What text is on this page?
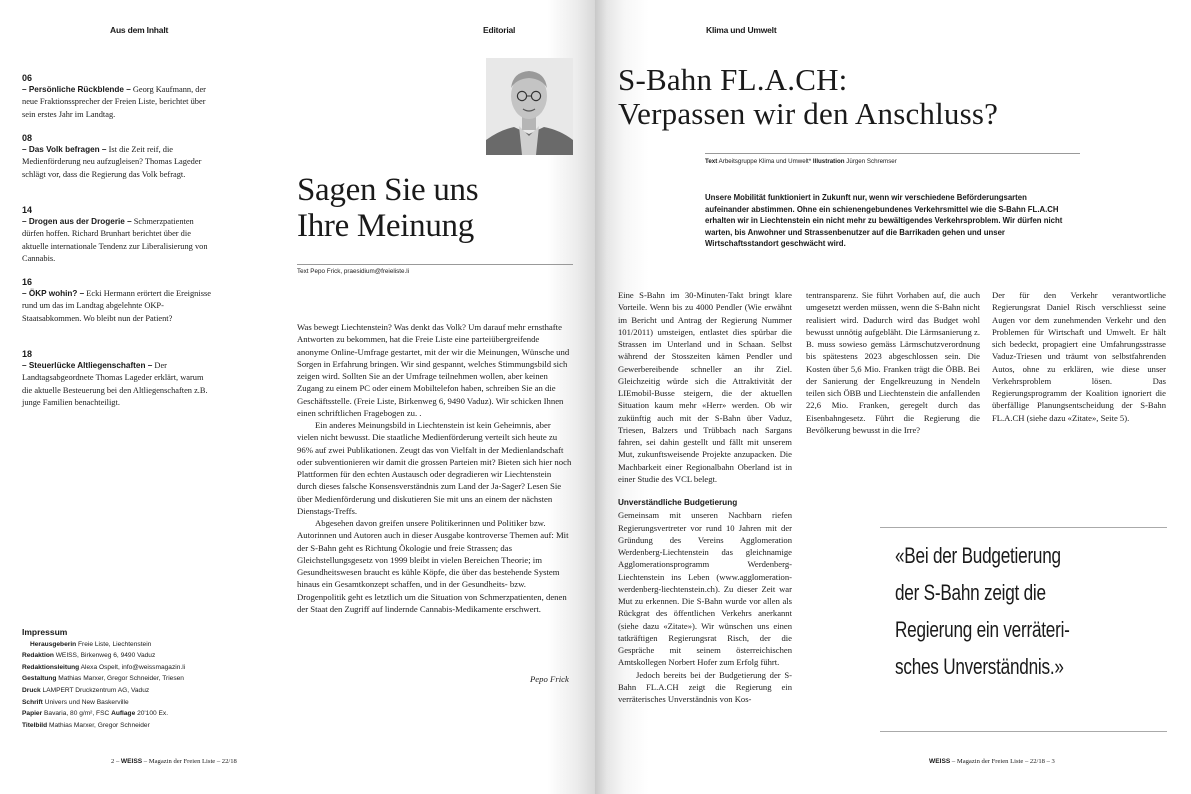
Aus dem Inhalt	Editorial	Klima und Umwelt
06
– Persönliche Rückblende – Georg Kaufmann, der neue Fraktionssprecher der Freien Liste, berichtet über sein erstes Jahr im Landtag.
08
– Das Volk befragen – Ist die Zeit reif, die Medienförderung neu aufzugleisen? Thomas Lageder schlägt vor, dass die Regierung das Volk befragt.
14
– Drogen aus der Drogerie – Schmerzpatienten dürfen hoffen. Richard Brunhart berichtet über die aktuelle internationale Tendenz zur Liberalisierung von Cannabis.
16
– ÖKP wohin? – Ecki Hermann erörtert die Ereignisse rund um das im Landtag abgelehnte OKP-Staatsabkommen. Wo bleibt nun der Patient?
18
– Steuerlücke Altliegenschaften – Der Landtagsabgeordnete Thomas Lageder erklärt, warum die aktuelle Besteuerung bei den Altliegenschaften z.B. junge Familien benachteiligt.
Impressum
Herausgeberin Freie Liste, Liechtenstein
Redaktion WEISS, Birkenweg 6, 9490 Vaduz
Redaktionsleitung Alexa Ospelt, info@weissmagazin.li
Gestaltung Mathias Marxer, Gregor Schneider, Triesen
Druck LAMPERT Druckzentrum AG, Vaduz
Schrift Univers und New Baskerville
Papier Bavaria, 80 g/m², FSC Auflage 20'100 Ex.
Titelbild Mathias Marxer, Gregor Schneider
Sagen Sie uns
Ihre Meinung
Text Pepo Frick, praesidium@freieliste.li

Was bewegt Liechtenstein? Was denkt das Volk? Um darauf mehr ernsthafte Antworten zu bekommen, hat die Freie Liste eine parteiübergreifende anonyme Online-Umfrage gestartet, mit der wir die Meinungen, Wünsche und Sorgen in Erfahrung bringen. Wir sind gespannt, welches Stimmungsbild sich zeigen wird. Sollten Sie an der Umfrage teilnehmen wollen, aber keinen Zugang zu einem PC oder einem Mobiltelefon haben, schreiben Sie an die Geschäftsstelle. (Freie Liste, Birkenweg 6, 9490 Vaduz). Wir schicken Ihnen einen schriftlichen Fragebogen zu. .

Ein anderes Meinungsbild in Liechtenstein ist kein Geheimnis, aber vielen nicht bewusst. Die staatliche Medienförderung verteilt sich heute zu 96% auf zwei Publikationen. Zeugt das von Vielfalt in der Medienlandschaft oder subventionieren wir damit die grossen Parteien mit? Bieten sich hier noch Plattformen für den echten Austausch oder degradieren wir Liechtenstein durch dieses falsche Konsensverständnis zum Land der Ja-Sager? Lesen Sie über Medienförderung und diskutieren Sie mit uns an einem der nächsten Dienstags-Treffs.

Abgesehen davon greifen unsere Politikerinnen und Politiker bzw. Autorinnen und Autoren auch in dieser Ausgabe kontroverse Themen auf: Mit der S-Bahn geht es Richtung Ökologie und freie Strassen; das Gleichstellungsgesetz von 1999 bleibt in vielen Bereichen Theorie; im Gesundheitswesen braucht es kühle Köpfe, die über das bestehende System hinaus ein Gesamtkonzept schaffen, und in der Gesundheits- bzw. Drogenpolitik geht es letztlich um die Situation von Schmerzpatienten, denen der Staat den Zugriff auf lindernde Cannabis-Medikamente erschwert.

Pepo Frick
2 – WEISS – Magazin der Freien Liste – 22/18
S-Bahn FL.A.CH:
Verpassen wir den Anschluss?
Text Arbeitsgruppe Klima und Umwelt* Illustration Jürgen Schremser
Unsere Mobilität funktioniert in Zukunft nur, wenn wir verschiedene Beförderungsarten aufeinander abstimmen. Ohne ein schienengebundenes Verkehrsmittel wie die S-Bahn FL.A.CH erhalten wir in Liechtenstein ein nicht mehr zu bewältigendes Verkehrsproblem. Wir dürfen nicht warten, bis Anwohner und Strassenbenutzer auf die Barrikaden gehen und unser Wirtschaftsstandort geschwächt wird.

Eine S-Bahn im 30-Minuten-Takt bringt klare Vorteile. Wenn bis zu 4000 Pendler (Wie erwähnt im Bericht und Antrag der Regierung Nummer 101/2011) umsteigen, entlastet dies spürbar die Strassen im Unterland und in Schaan. Selbst während der Stosszeiten kämen Pendler und Gewerbereibende schneller an ihr Ziel. Gleichzeitig würde sich die Attraktivität der LIEmobil-Busse steigern, die der aktuellen Situation kaum mehr «Herr» werden. Ob wir zukünftig auch mit der S-Bahn über Vaduz, Triesen, Balzers und Trübbach nach Sargans fahren, sei dahin gestellt und fällt mit unserem Mut, zukunftsweisende Projekte anzupacken. Die Machbarkeit einer Regionalbahn Oberland ist in einer Studie des VCL belegt.

Unverständliche Budgetierung

Gemeinsam mit unseren Nachbarn riefen Regierungsvertreter vor rund 10 Jahren mit der Gründung des Vereins Agglomeration Werdenberg-Liechtenstein das gleichnamige Agglomerationsprogramm Werdenberg-Liechtenstein ins Leben (www.agglomeration-werdenberg-liechtenstein.ch). Zu dieser Zeit war Mut zu erkennen. Die S-Bahn wurde vor allen als Rückgrat des öffentlichen Verkehrs anerkannt (siehe dazu «Zitate»). Wir wünschen uns einen tatkräftigen Regierungsrat Risch, der die Gespräche mit seinem österreichischen Amtskollegen Norbert Hofer zum Erfolg führt.

Jedoch bereits bei der Budgetierung der S-Bahn FL.A.CH zeigt die Regierung ein verräterisches Unverständnis von Kos-

tentransparenz. Sie führt Vorhaben auf, die auch umgesetzt werden müssen, wenn die S-Bahn nicht realisiert wird. Dadurch wird das Budget wohl bewusst unnötig aufgebläht. Die Lärmsanierung z. B. muss sowieso gemäss Lärmschutzverordnung bis spätestens 2023 abgeschlossen sein. Die Kosten über 5,6 Mio. Franken trägt die ÖBB. Bei der Sanierung der Engelkreuzung in Nendeln teilen sich ÖBB und Liechtenstein die anfallenden 22,6 Mio. Franken, geregelt durch das Eisenbahngesetz. Führt die Regierung die Bevölkerung bewusst in die Irre?

Der für den Verkehr verantwortliche Regierungsrat Daniel Risch verschliesst seine Augen vor dem zunehmenden Verkehr und den Problemen für Wirtschaft und Umwelt. Er hält sich bedeckt, propagiert eine Umfahrungsstrasse Vaduz-Triesen und träumt von selbstfahrenden Autos, ohne zu erklären, wie diese unser Verkehrsproblem lösen. Das Regierungsprogramm der Koalition ignoriert die überfällige Planungsentscheidung der S-Bahn FL.A.CH (siehe dazu «Zitate», Seite 5).

«Bei der Budgetierung
der S-Bahn zeigt die
Regierung ein verräteri-
sches Unverständnis.»
WEISS – Magazin der Freien Liste – 22/18 – 3
